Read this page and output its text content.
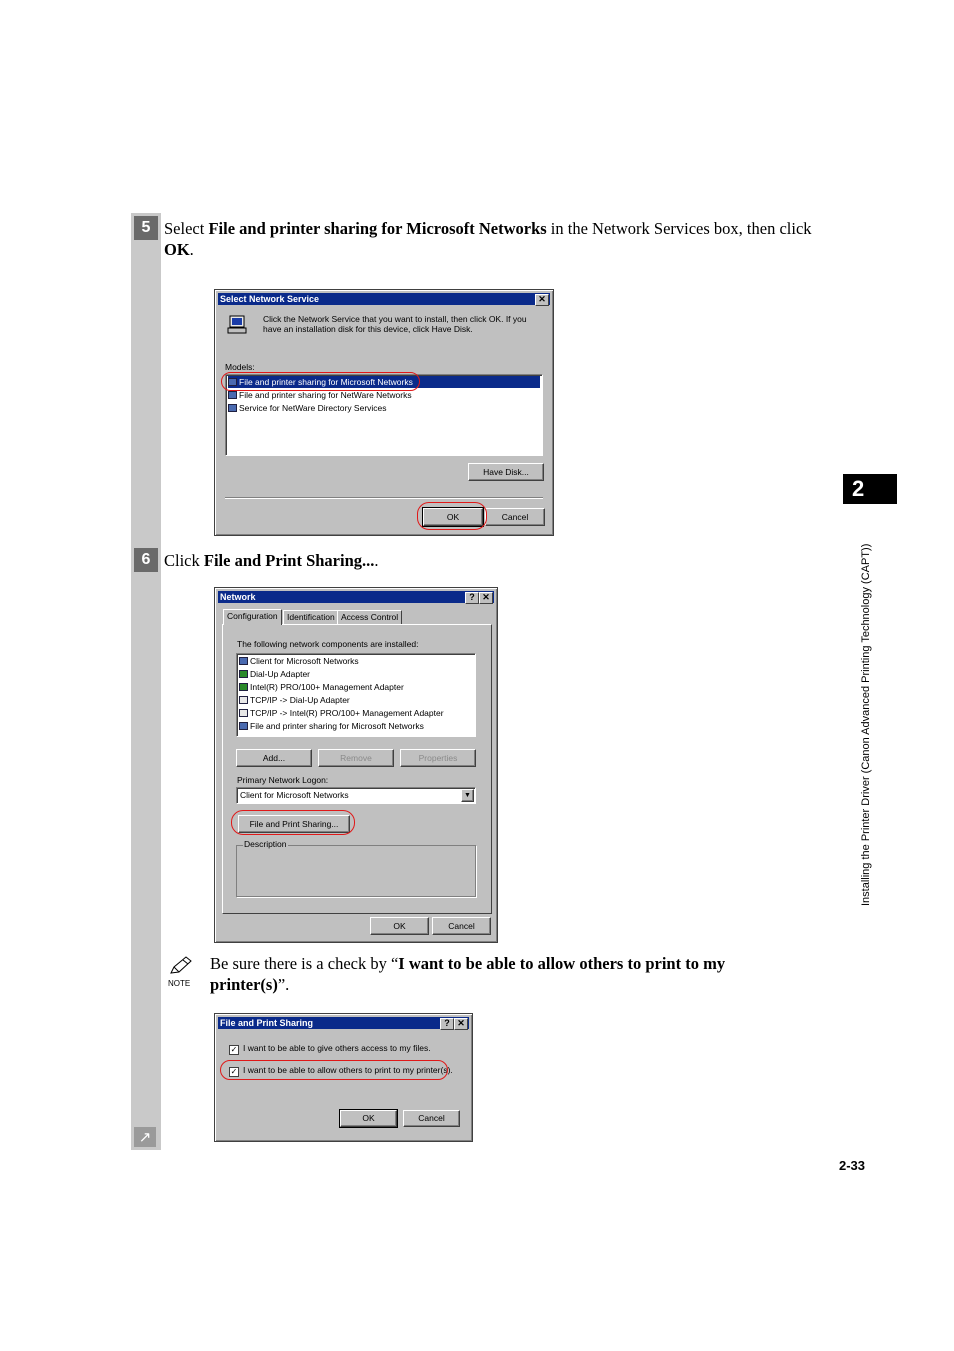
5 Select File and printer sharing for Microsoft Networks in the Network Services box, then click OK.
Select Network Service	✕
Click the Network Service that you want to install, then click OK. If you have an installation disk for this device, click Have Disk.
Models:
File and printer sharing for Microsoft Networks
File and printer sharing for NetWare Networks
Service for NetWare Directory Services
Have Disk...
OK	Cancel
6 Click File and Print Sharing....
Network	? ✕
Configuration	Identification Access Control
The following network components are installed:
Client for Microsoft Networks
Dial-Up Adapter
Intel(R) PRO/100+ Management Adapter
TCP/IP -> Dial-Up Adapter
TCP/IP -> Intel(R) PRO/100+ Management Adapter
File and printer sharing for Microsoft Networks
Add...	Remove	Properties
Primary Network Logon:
Client for Microsoft Networks	▼
File and Print Sharing...
Description
OK	Cancel
NOTE
Be sure there is a check by “I want to be able to allow others to print to my printer(s)”.
File and Print Sharing	? ✕
✓ I want to be able to give others access to my files.
✓ I want to be able to allow others to print to my printer(s).
OK	Cancel
↗
2
Installing the Printer Driver (Canon Advanced Printing Technology (CAPT))
2-33
